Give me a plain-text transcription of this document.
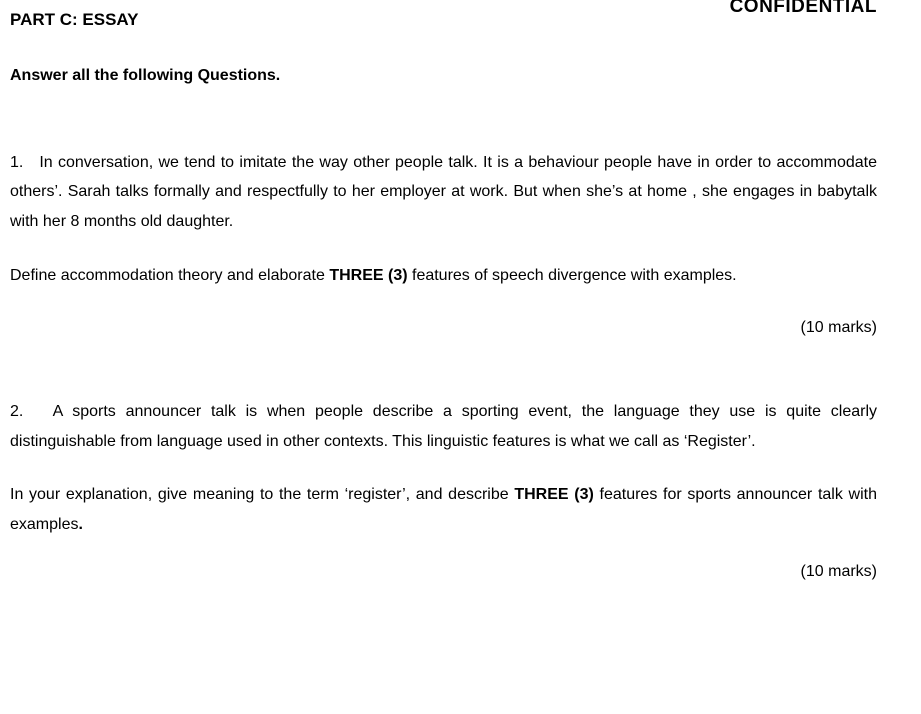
CONFIDENTIAL
PART C: ESSAY
Answer all the following Questions.
1. In conversation, we tend to imitate the way other people talk. It is a behaviour people have in order to accommodate others’. Sarah talks formally and respectfully to her employer at work. But when she’s at home , she engages in babytalk with her 8 months old daughter.
Define accommodation theory and elaborate THREE (3) features of speech divergence with examples.
(10 marks)
2. A sports announcer talk is when people describe a sporting event, the language they use is quite clearly distinguishable from language used in other contexts. This linguistic features is what we call as ‘Register’.
In your explanation, give meaning to the term ‘register’, and describe THREE (3) features for sports announcer talk with examples.
(10 marks)
